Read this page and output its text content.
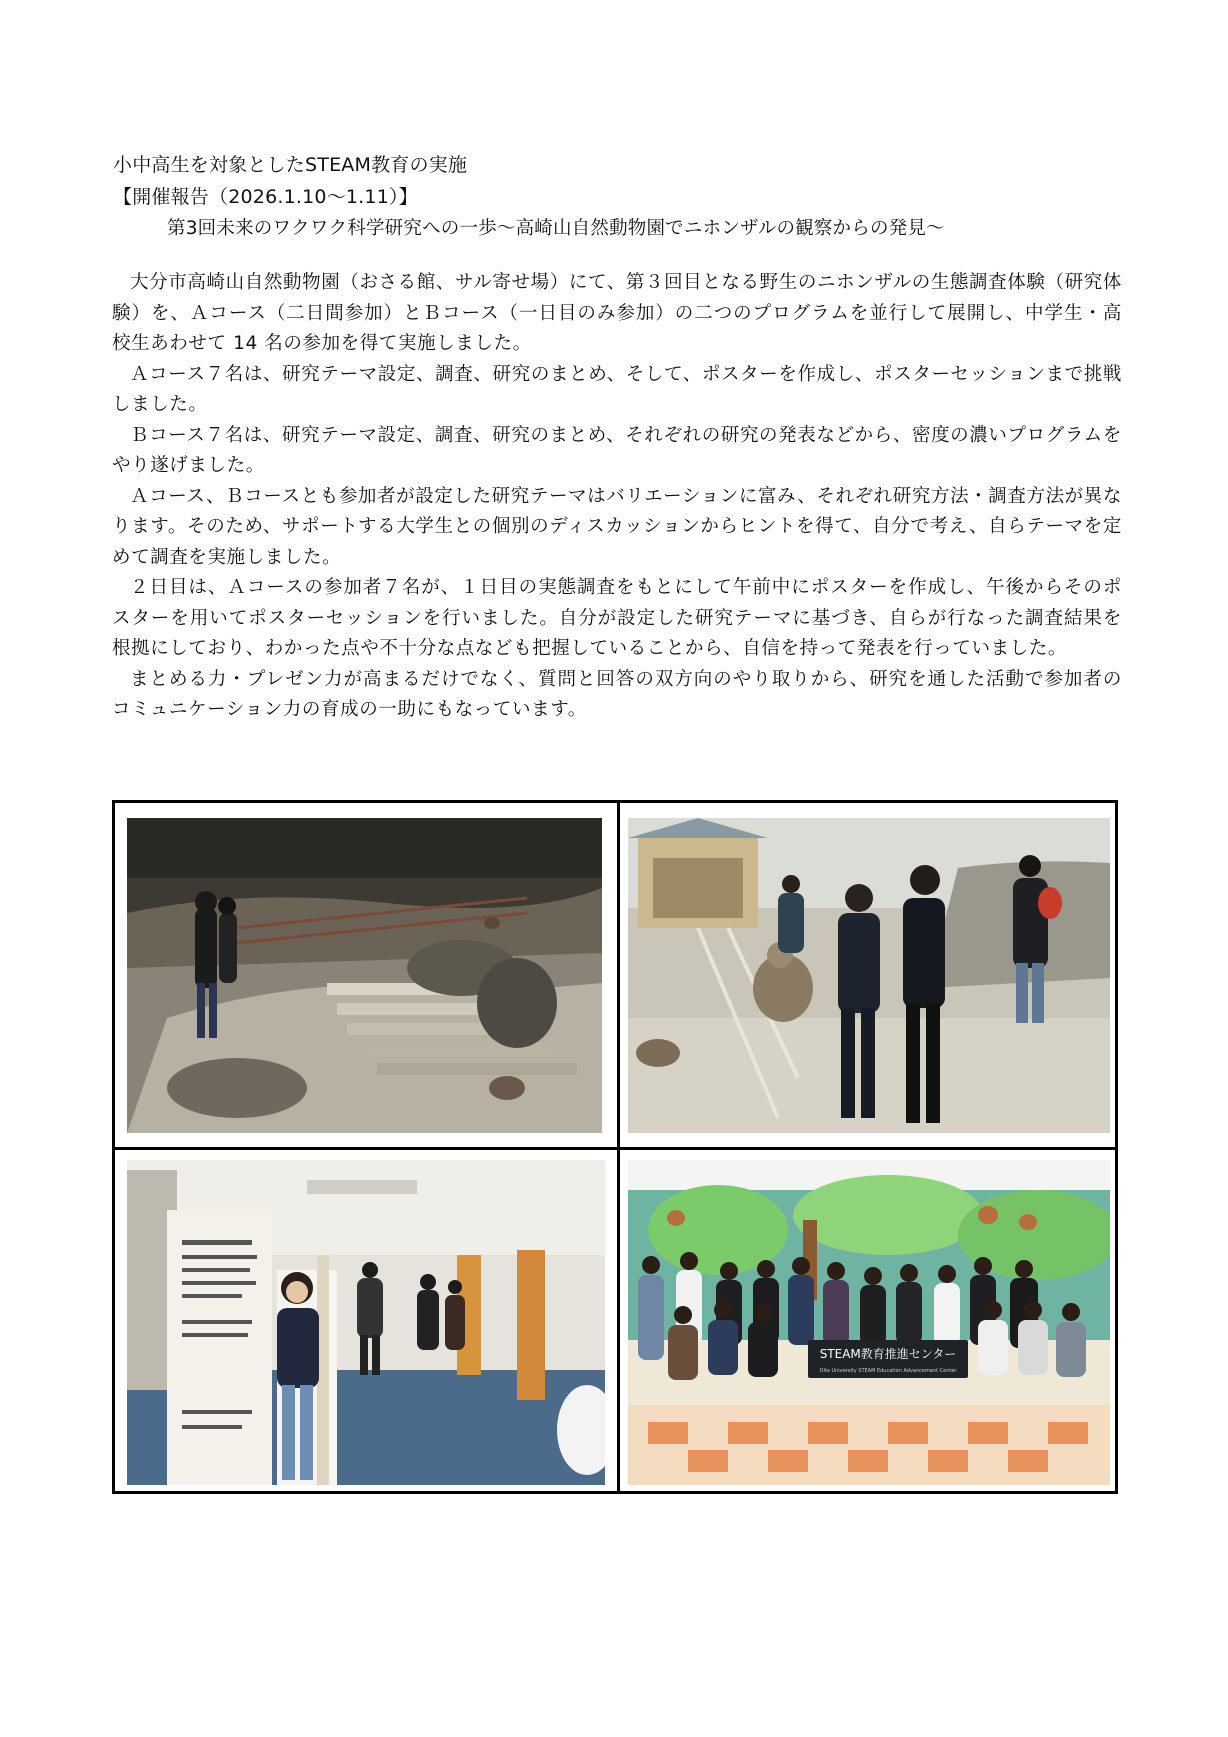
小中高生を対象としたSTEAM教育の実施
【開催報告（2026.1.10～1.11）】
第3回未来のワクワク科学研究への一歩～高崎山自然動物園でニホンザルの観察からの発見～

大分市高崎山自然動物園（おさる館、サル寄せ場）にて、第３回目となる野生のニホンザルの生態調査体験（研究体験）を、Ａコース（二日間参加）とＢコース（一日目のみ参加）の二つのプログラムを並行して展開し、中学生・高校生あわせて 14 名の参加を得て実施しました。

Ａコース７名は、研究テーマ設定、調査、研究のまとめ、そして、ポスターを作成し、ポスターセッションまで挑戦しました。

Ｂコース７名は、研究テーマ設定、調査、研究のまとめ、それぞれの研究の発表などから、密度の濃いプログラムをやり遂げました。

Ａコース、Ｂコースとも参加者が設定した研究テーマはバリエーションに富み、それぞれ研究方法・調査方法が異なります。そのため、サポートする大学生との個別のディスカッションからヒントを得て、自分で考え、自らテーマを定めて調査を実施しました。

２日目は、Ａコースの参加者７名が、１日目の実態調査をもとにして午前中にポスターを作成し、午後からそのポスターを用いてポスターセッションを行いました。自分が設定した研究テーマに基づき、自らが行なった調査結果を根拠にしており、わかった点や不十分な点なども把握していることから、自信を持って発表を行っていました。

まとめる力・プレゼン力が高まるだけでなく、質問と回答の双方向のやり取りから、研究を通した活動で参加者のコミュニケーション力の育成の一助にもなっています。

STEAM教育推進センター
Oita University STEAM Education Advancement Center
